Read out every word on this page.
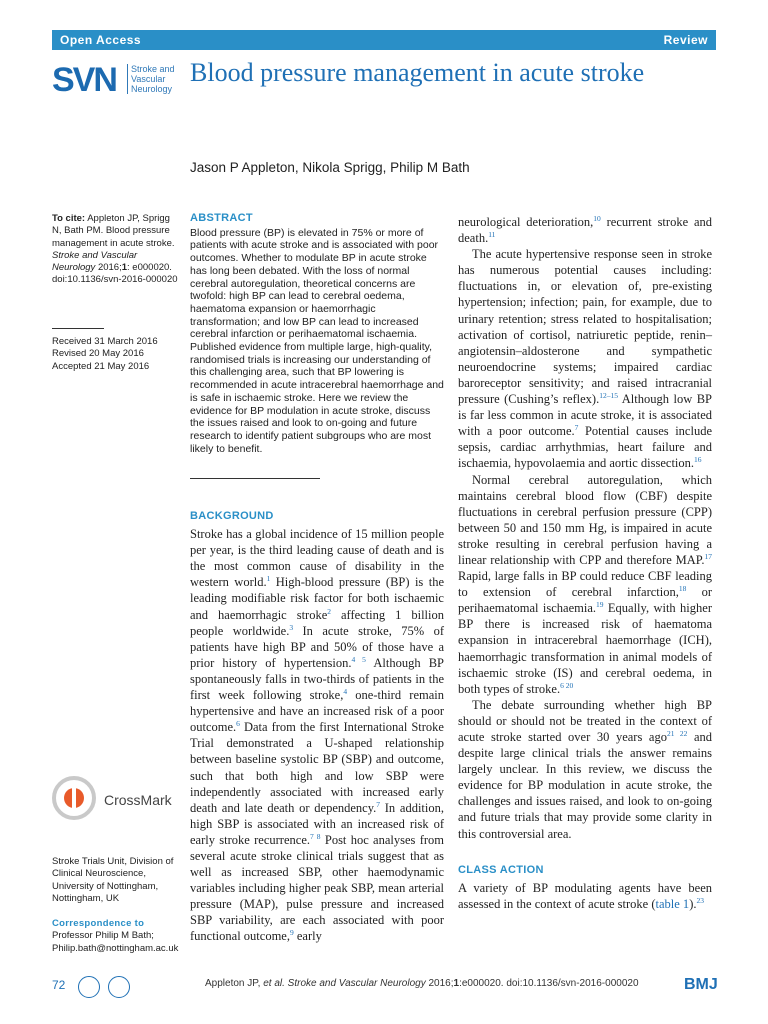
Open Access	Review
SVN	Stroke and
Vascular
Neurology
Blood pressure management in acute stroke
Jason P Appleton, Nikola Sprigg, Philip M Bath
To cite: Appleton JP, Sprigg N, Bath PM. Blood pressure management in acute stroke. Stroke and Vascular Neurology 2016;1: e000020. doi:10.1136/svn-2016-000020
Received 31 March 2016
Revised 20 May 2016
Accepted 21 May 2016
CrossMark
Stroke Trials Unit, Division of Clinical Neuroscience, University of Nottingham, Nottingham, UK
Correspondence to
Professor Philip M Bath;
Philip.bath@nottingham.ac.uk
ABSTRACT
Blood pressure (BP) is elevated in 75% or more of patients with acute stroke and is associated with poor outcomes. Whether to modulate BP in acute stroke has long been debated. With the loss of normal cerebral autoregulation, theoretical concerns are twofold: high BP can lead to cerebral oedema, haematoma expansion or haemorrhagic transformation; and low BP can lead to increased cerebral infarction or perihaematomal ischaemia. Published evidence from multiple large, high-quality, randomised trials is increasing our understanding of this challenging area, such that BP lowering is recommended in acute intracerebral haemorrhage and is safe in ischaemic stroke. Here we review the evidence for BP modulation in acute stroke, discuss the issues raised and look to on-going and future research to identify patient subgroups who are most likely to benefit.
BACKGROUND

Stroke has a global incidence of 15 million people per year, is the third leading cause of death and is the most common cause of disability in the western world.$^1$ High-blood pressure (BP) is the leading modifiable risk factor for both ischaemic and haemorrhagic stroke$^2$ affecting 1 billion people worldwide.$^3$ In acute stroke, 75% of patients have high BP and 50% of those have a prior history of hypertension.$^{4 5}$ Although BP spontaneously falls in two-thirds of patients in the first week following stroke,$^4$ one-third remain hypertensive and have an increased risk of a poor outcome.$^6$ Data from the first International Stroke Trial demonstrated a U-shaped relationship between baseline systolic BP (SBP) and outcome, such that both high and low SBP were independently associated with increased early death and late death or dependency.$^7$ In addition, high SBP is associated with an increased risk of early stroke recurrence.$^{7 8}$ Post hoc analyses from several acute stroke clinical trials suggest that as well as increased SBP, other haemodynamic variables including higher peak SBP, mean arterial pressure (MAP), pulse pressure and increased SBP variability, are each associated with poor functional outcome,$^9$ early

neurological deterioration,$^{10}$ recurrent stroke and death.$^{11}$

The acute hypertensive response seen in stroke has numerous potential causes including: fluctuations in, or elevation of, pre-existing hypertension; infection; pain, for example, due to urinary retention; stress related to hospitalisation; activation of cortisol, natriuretic peptide, renin–angiotensin–aldosterone and sympathetic neuroendocrine systems; impaired cardiac baroreceptor sensitivity; and raised intracranial pressure (Cushing’s reflex).$^{12-15}$ Although low BP is far less common in acute stroke, it is associated with a poor outcome.$^7$ Potential causes include sepsis, cardiac arrhythmias, heart failure and ischaemia, hypovolaemia and aortic dissection.$^{16}$

Normal cerebral autoregulation, which maintains cerebral blood flow (CBF) despite fluctuations in cerebral perfusion pressure (CPP) between 50 and 150 mm Hg, is impaired in acute stroke resulting in cerebral perfusion having a linear relationship with CPP and therefore MAP.$^{17}$ Rapid, large falls in BP could reduce CBF leading to extension of cerebral infarction,$^{18}$ or perihaematomal ischaemia.$^{19}$ Equally, with higher BP there is increased risk of haematoma expansion in intracerebral haemorrhage (ICH), haemorrhagic transformation in animal models of ischaemic stroke (IS) and cerebral oedema, in both types of stroke.$^{6 20}$

The debate surrounding whether high BP should or should not be treated in the context of acute stroke started over 30 years ago$^{21 22}$ and despite large clinical trials the answer remains largely unclear. In this review, we discuss the evidence for BP modulation in acute stroke, the challenges and issues raised, and look to on-going and future trials that may provide some clarity in this controversial area.

CLASS ACTION

A variety of BP modulating agents have been assessed in the context of acute stroke (table 1).$^{23}$

72	Appleton JP, et al. Stroke and Vascular Neurology 2016;1:e000020. doi:10.1136/svn-2016-000020	BMJ
